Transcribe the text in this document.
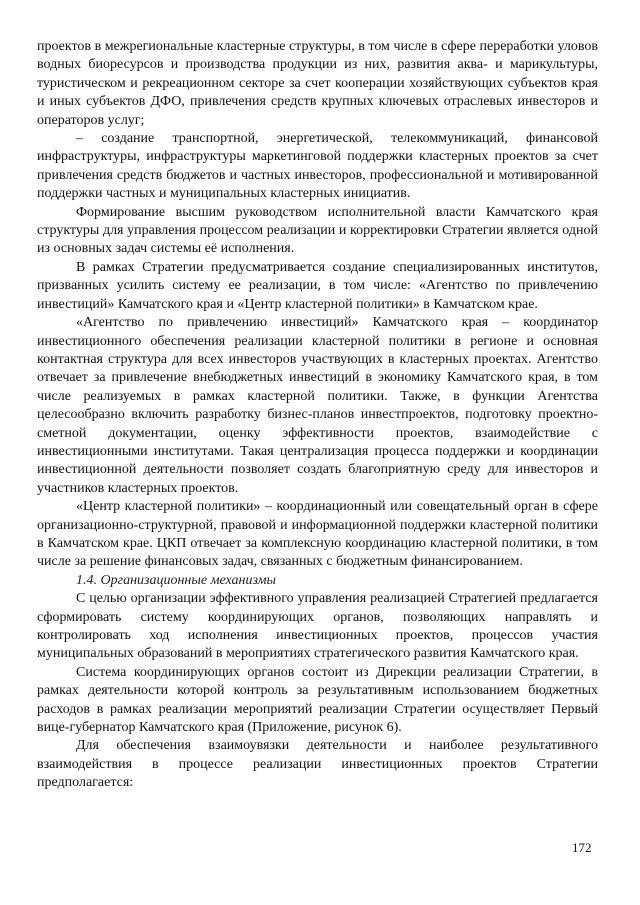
проектов в межрегиональные кластерные структуры, в том числе в сфере переработки уловов водных биоресурсов и производства продукции из них, развития аква- и марикультуры, туристическом и рекреационном секторе за счет кооперации хозяйствующих субъектов края и иных субъектов ДФО, привлечения средств крупных ключевых отраслевых инвесторов и операторов услуг;

– создание транспортной, энергетической, телекоммуникаций, финансовой инфраструктуры, инфраструктуры маркетинговой поддержки кластерных проектов за счет привлечения средств бюджетов и частных инвесторов, профессиональной и мотивированной поддержки частных и муниципальных кластерных инициатив.

Формирование высшим руководством исполнительной власти Камчатского края структуры для управления процессом реализации и корректировки Стратегии является одной из основных задач системы её исполнения.

В рамках Стратегии предусматривается создание специализированных институтов, призванных усилить систему ее реализации, в том числе: «Агентство по привлечению инвестиций» Камчатского края и «Центр кластерной политики» в Камчатском крае.

«Агентство по привлечению инвестиций» Камчатского края – координатор инвестиционного обеспечения реализации кластерной политики в регионе и основная контактная структура для всех инвесторов участвующих в кластерных проектах. Агентство отвечает за привлечение внебюджетных инвестиций в экономику Камчатского края, в том числе реализуемых в рамках кластерной политики. Также, в функции Агентства целесообразно включить разработку бизнес-планов инвестпроектов, подготовку проектно-сметной документации, оценку эффективности проектов, взаимодействие с инвестиционными институтами. Такая централизация процесса поддержки и координации инвестиционной деятельности позволяет создать благоприятную среду для инвесторов и участников кластерных проектов.

«Центр кластерной политики» – координационный или совещательный орган в сфере организационно-структурной, правовой и информационной поддержки кластерной политики в Камчатском крае. ЦКП отвечает за комплексную координацию кластерной политики, в том числе за решение финансовых задач, связанных с бюджетным финансированием.

1.4. Организационные механизмы

С целью организации эффективного управления реализацией Стратегией предлагается сформировать систему координирующих органов, позволяющих направлять и контролировать ход исполнения инвестиционных проектов, процессов участия муниципальных образований в мероприятиях стратегического развития Камчатского края.

Система координирующих органов состоит из Дирекции реализации Стратегии, в рамках деятельности которой контроль за результативным использованием бюджетных расходов в рамках реализации мероприятий реализации Стратегии осуществляет Первый вице-губернатор Камчатского края (Приложение, рисунок 6).

Для обеспечения взаимоувязки деятельности и наиболее результативного взаимодействия в процессе реализации инвестиционных проектов Стратегии предполагается:

172
